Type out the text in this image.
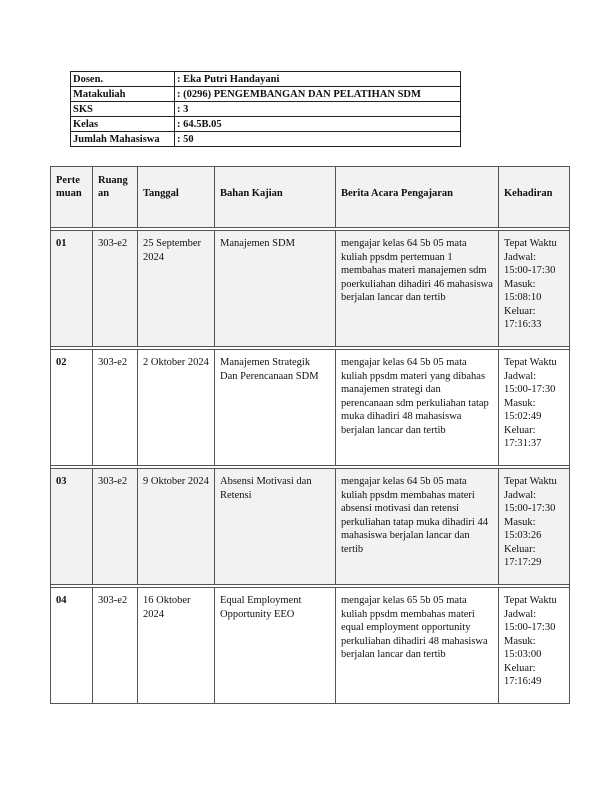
Dosen.	: Eka Putri Handayani
Matakuliah	: (0296) PENGEMBANGAN DAN PELATIHAN SDM
SKS	: 3
Kelas	: 64.5B.05
Jumlah Mahasiswa	: 50
Perte muan	Ruang an	Tanggal	Bahan Kajian	Berita Acara Pengajaran	Kehadiran

01	303-e2	25 September 2024	Manajemen SDM	mengajar kelas 64 5b 05 mata kuliah ppsdm pertemuan 1 membahas materi manajemen sdm poerkuliahan dihadiri 46 mahasiswa berjalan lancar dan tertib	Tepat Waktu Jadwal: 15:00-17:30 Masuk: 15:08:10 Keluar: 17:16:33

02	303-e2	2 Oktober 2024	Manajemen Strategik Dan Perencanaan SDM	mengajar kelas 64 5b 05 mata kuliah ppsdm materi yang dibahas manajemen strategi dan perencanaan sdm perkuliahan tatap muka dihadiri 48 mahasiswa berjalan lancar dan tertib	Tepat Waktu Jadwal: 15:00-17:30 Masuk: 15:02:49 Keluar: 17:31:37

03	303-e2	9 Oktober 2024	Absensi Motivasi dan Retensi	mengajar kelas 64 5b 05 mata kuliah ppsdm membahas materi absensi motivasi dan retensi perkuliahan tatap muka dihadiri 44 mahasiswa berjalan lancar dan tertib	Tepat Waktu Jadwal: 15:00-17:30 Masuk: 15:03:26 Keluar: 17:17:29

04	303-e2	16 Oktober 2024	Equal Employment Opportunity EEO	mengajar kelas 65 5b 05 mata kuliah ppsdm membahas materi equal employment opportunity perkuliahan dihadiri 48 mahasiswa berjalan lancar dan tertib	Tepat Waktu Jadwal: 15:00-17:30 Masuk: 15:03:00 Keluar: 17:16:49
